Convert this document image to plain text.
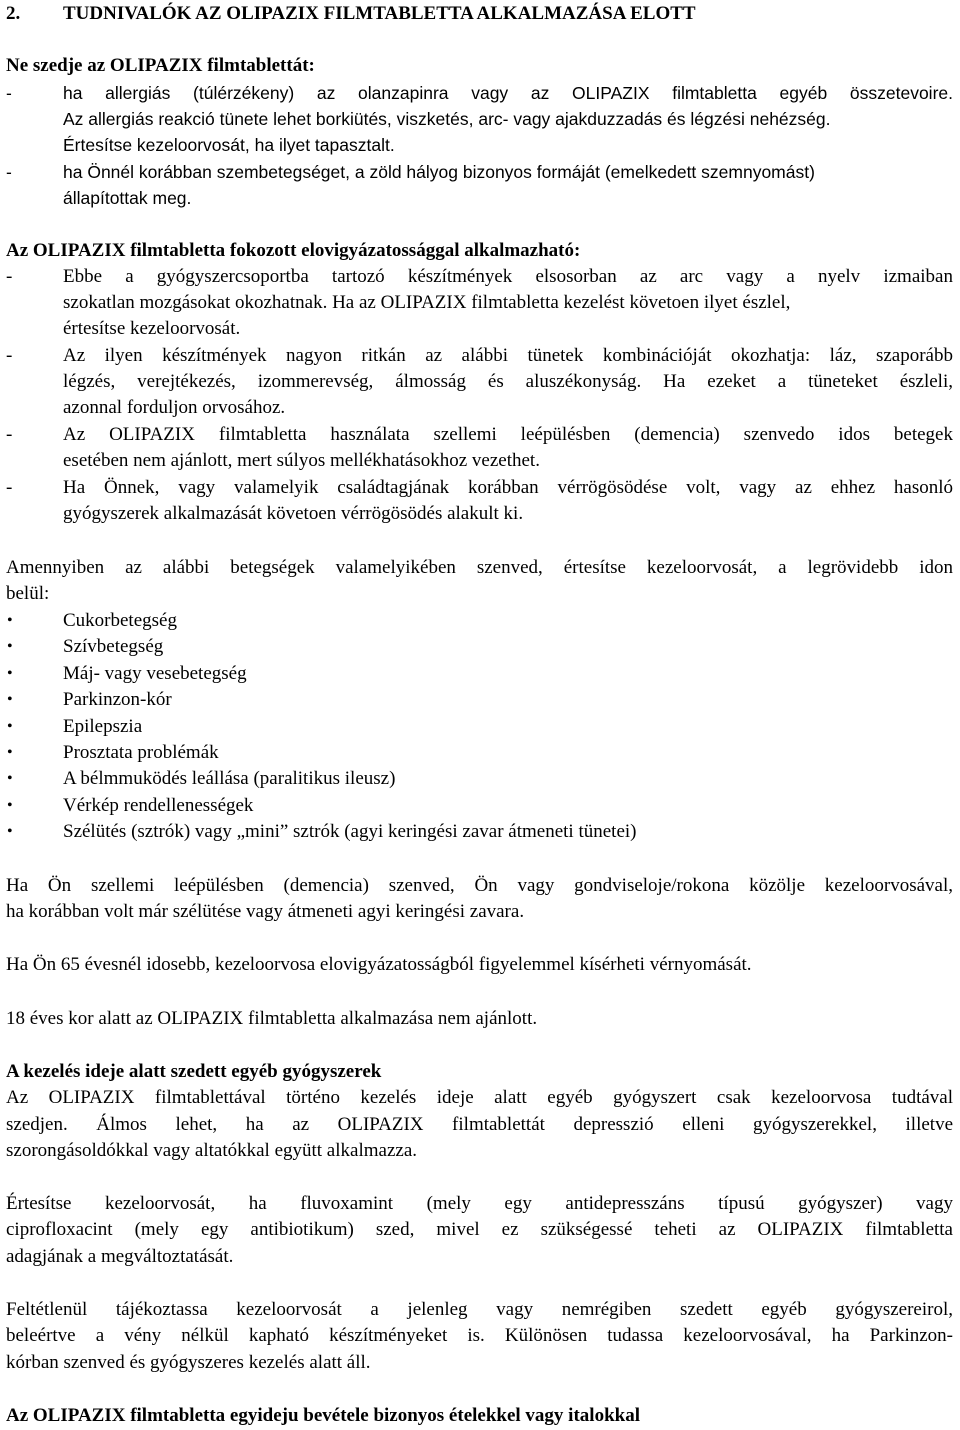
2. TUDNIVALÓK AZ OLIPAZIX FILMTABLETTA ALKALMAZÁSA ELOTT
Ne szedje az OLIPAZIX filmtablettát:
-	ha allergiás (túlérzékeny) az olanzapinra vagy az OLIPAZIX filmtabletta egyéb összetevoire.
Az allergiás reakció tünete lehet borkiütés, viszketés, arc- vagy ajakduzzadás és légzési nehézség.
Értesítse kezeloorvosát, ha ilyet tapasztalt.
-	ha Önnél korábban szembetegséget, a zöld hályog bizonyos formáját (emelkedett szemnyomást)
állapítottak meg.
Az OLIPAZIX filmtabletta fokozott elovigyázatossággal alkalmazható:
-	Ebbe a gyógyszercsoportba tartozó készítmények elsosorban az arc vagy a nyelv izmaiban
szokatlan mozgásokat okozhatnak. Ha az OLIPAZIX filmtabletta kezelést követoen ilyet észlel,
értesítse kezeloorvosát.
-	Az ilyen készítmények nagyon ritkán az alábbi tünetek kombinációját okozhatja: láz, szaporább
légzés, verejtékezés, izommerevség, álmosság és aluszékonyság. Ha ezeket a tüneteket észleli,
azonnal forduljon orvosához.
-	Az OLIPAZIX filmtabletta használata szellemi leépülésben (demencia) szenvedo idos betegek
esetében nem ajánlott, mert súlyos mellékhatásokhoz vezethet.
-	Ha Önnek, vagy valamelyik családtagjának korábban vérrögösödése volt, vagy az ehhez hasonló
gyógyszerek alkalmazását követoen vérrögösödés alakult ki.
Amennyiben az alábbi betegségek valamelyikében szenved, értesítse kezeloorvosát, a legrövidebb idon
belül:
•	Cukorbetegség
•	Szívbetegség
•	Máj- vagy vesebetegség
•	Parkinzon-kór
•	Epilepszia
•	Prosztata problémák
•	A bélmmuködés leállása (paralitikus ileusz)
•	Vérkép rendellenességek
•	Szélütés (sztrók) vagy „mini” sztrók (agyi keringési zavar átmeneti tünetei)
Ha Ön szellemi leépülésben (demencia) szenved, Ön vagy gondviseloje/rokona közölje kezeloorvosával,
ha korábban volt már szélütése vagy átmeneti agyi keringési zavara.
Ha Ön 65 évesnél idosebb, kezeloorvosa elovigyázatosságból figyelemmel kísérheti vérnyomását.
18 éves kor alatt az OLIPAZIX filmtabletta alkalmazása nem ajánlott.
A kezelés ideje alatt szedett egyéb gyógyszerek
Az OLIPAZIX filmtablettával történo kezelés ideje alatt egyéb gyógyszert csak kezeloorvosa tudtával
szedjen. Álmos lehet, ha az OLIPAZIX filmtablettát depresszió elleni gyógyszerekkel, illetve
szorongásoldókkal vagy altatókkal együtt alkalmazza.
Értesítse kezeloorvosát, ha fluvoxamint (mely egy antidepresszáns típusú gyógyszer) vagy
ciprofloxacint (mely egy antibiotikum) szed, mivel ez szükségessé teheti az OLIPAZIX filmtabletta
adagjának a megváltoztatását.
Feltétlenül tájékoztassa kezeloorvosát a jelenleg vagy nemrégiben szedett egyéb gyógyszereirol,
beleértve a vény nélkül kapható készítményeket is. Különösen tudassa kezeloorvosával, ha Parkinzon-
kórban szenved és gyógyszeres kezelés alatt áll.
Az OLIPAZIX filmtabletta egyideju bevétele bizonyos ételekkel vagy italokkal
